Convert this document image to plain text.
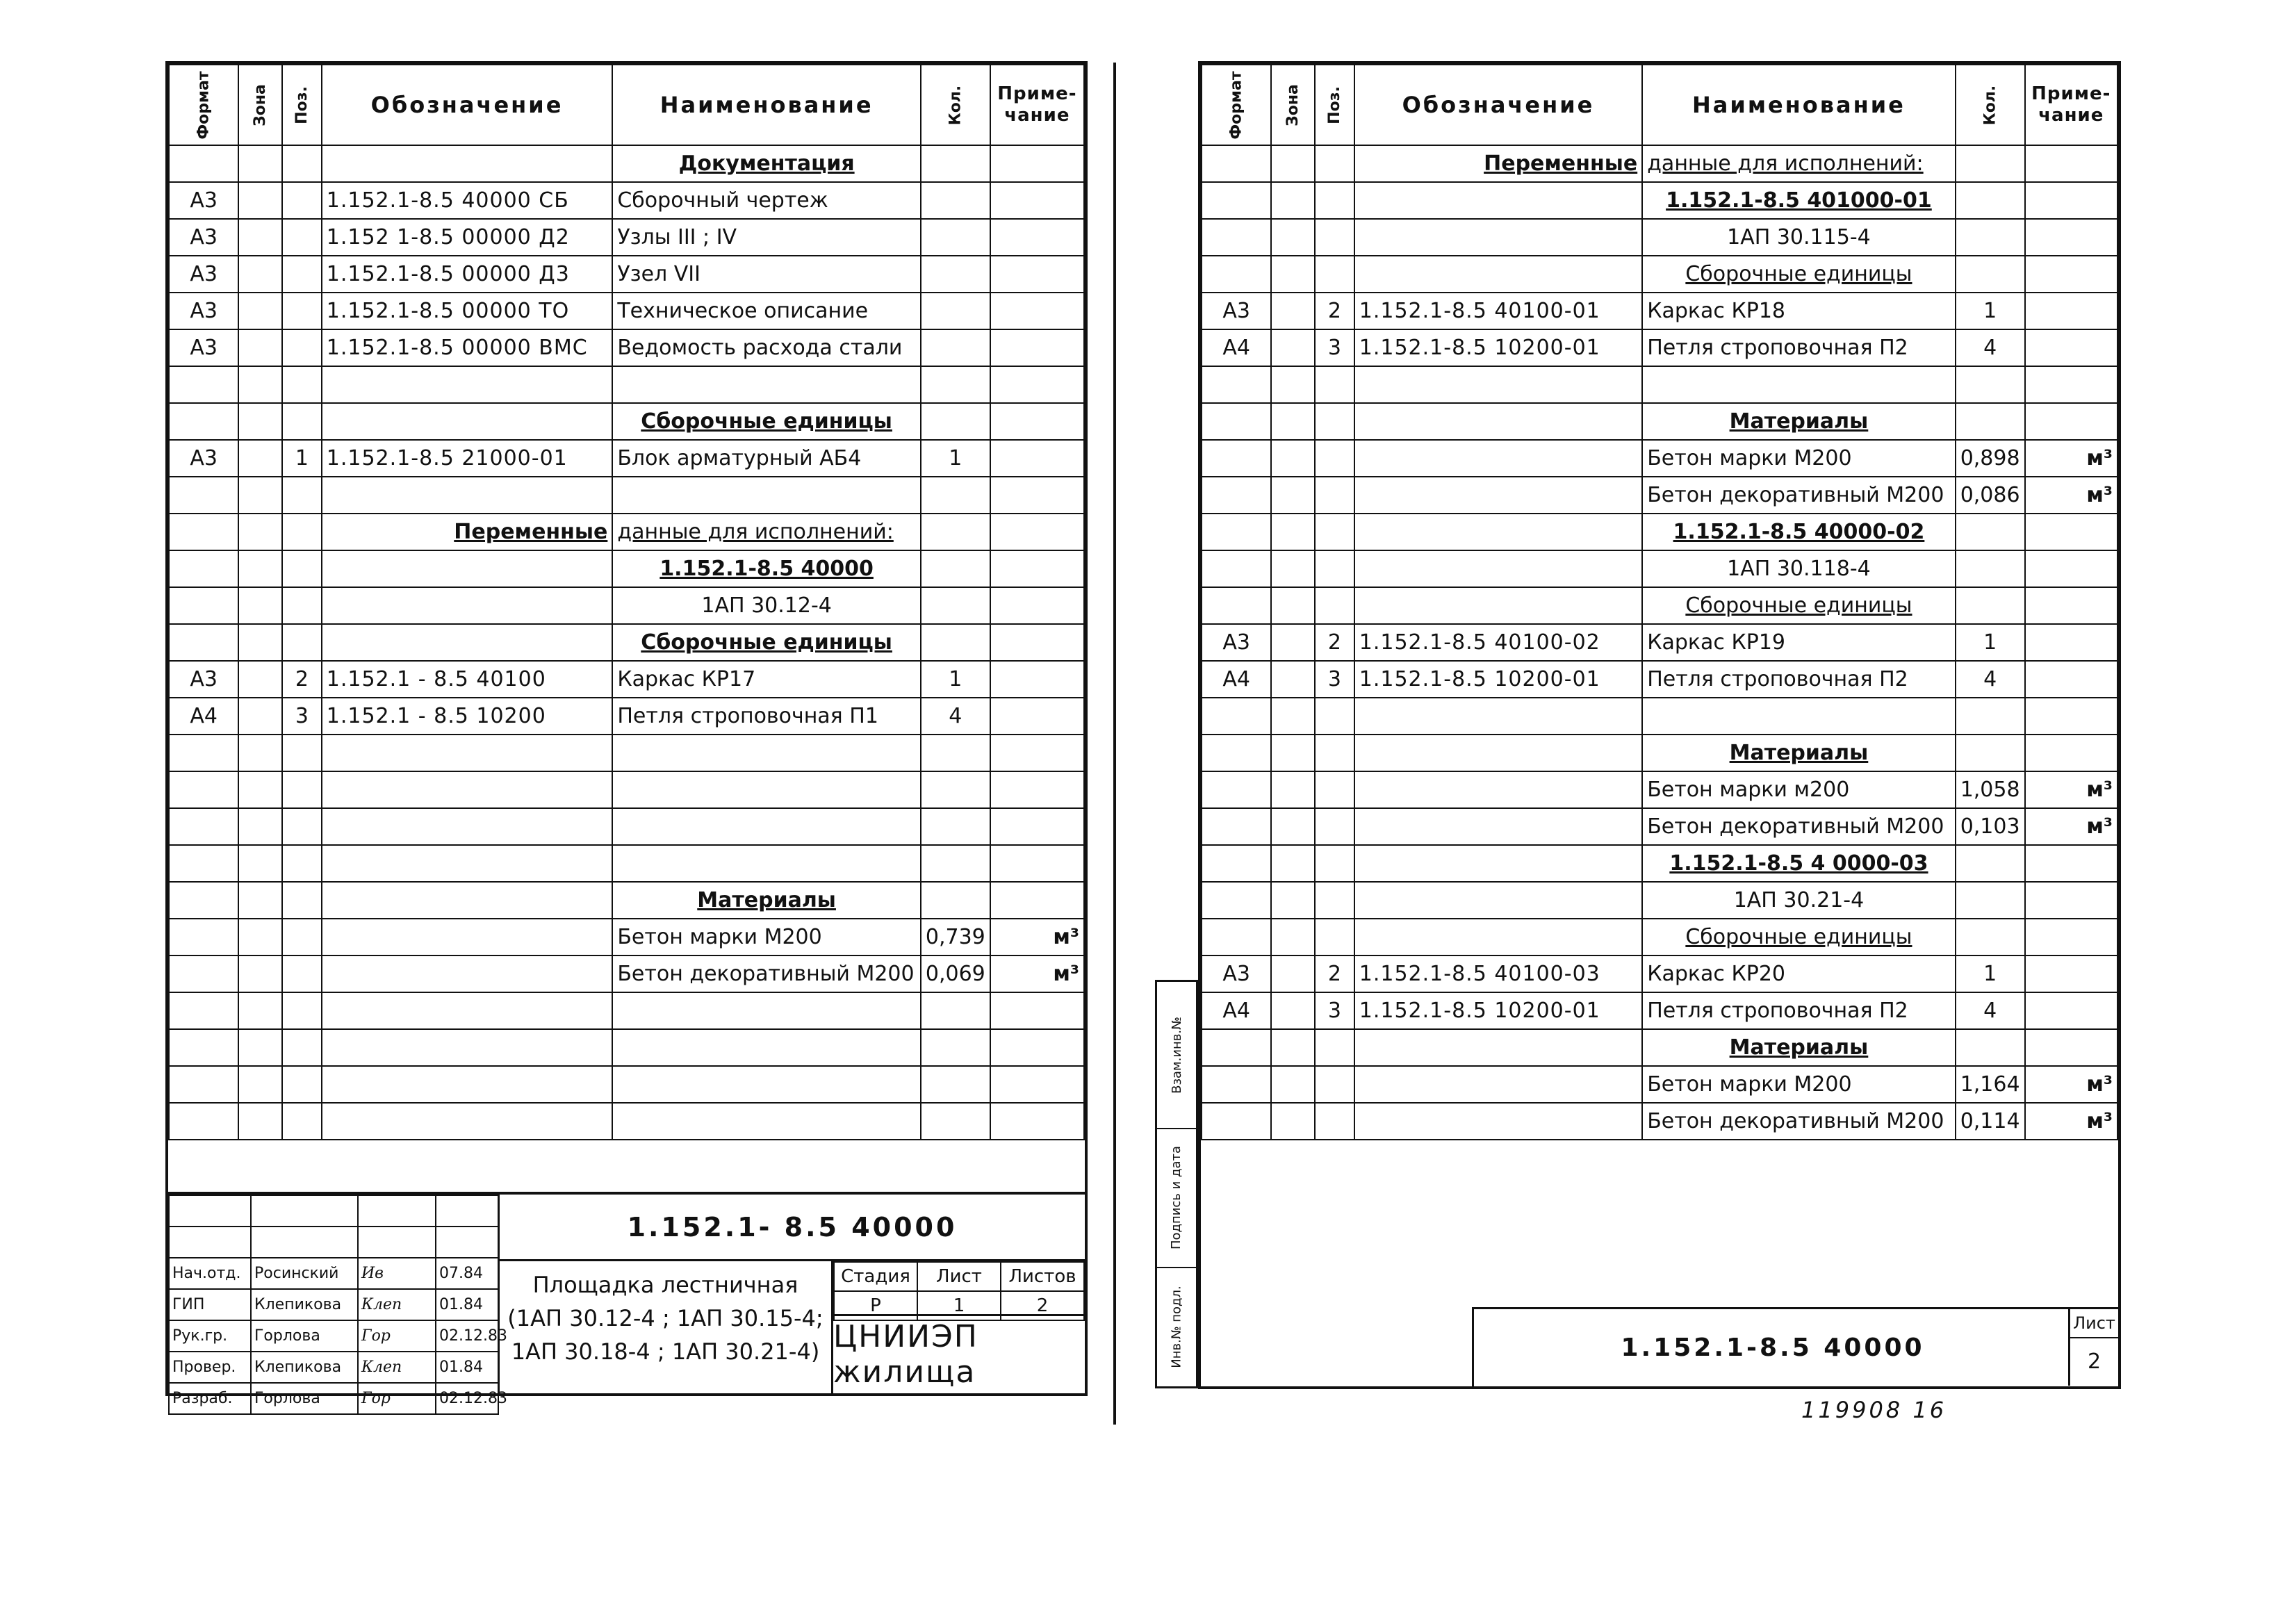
Формат	Зона	Поз.	Обозначение	Наименование	Кол.	Приме-чание
				Документация		
А3			1.152.1-8.5 40000 СБ	Сборочный чертеж		
А3			1.152 1-8.5 00000 Д2	Узлы III ; IV		
А3			1.152.1-8.5 00000 Д3	Узел VII		
А3			1.152.1-8.5 00000 ТО	Техническое описание		
А3			1.152.1-8.5 00000 ВМС	Ведомость расхода стали		

				Сборочные единицы		
А3		1	1.152.1-8.5 21000-01	Блок арматурный АБ4	1	

			Переменные	данные для исполнений:		
				1.152.1-8.5 40000		
				1АП 30.12-4		
				Сборочные единицы		
А3		2	1.152.1 - 8.5 40100	Каркас КР17	1	
А4		3	1.152.1 - 8.5 10200	Петля строповочная П1	4	

				Материалы		
				Бетон марки М200	0,739	м³
				Бетон декоративный М200	0,069	м³

Нач.отд.	Росинский	Ив	07.84
ГИП	Клепикова	Клеп	01.84
Рук.гр.	Горлова	Гор	02.12.83
Провер.	Клепикова	Клеп	01.84
Разраб.	Горлова	Гор	02.12.83
1.152.1- 8.5 40000
Площадка лестничная
(1АП 30.12-4 ; 1АП 30.15-4;
1АП 30.18-4 ; 1АП 30.21-4)
Стадия	Лист	Листов
Р	1	2
ЦНИИЭП жилища
Взам.инв.№
Подпись и дата
Инв.№ подл.
Формат	Зона	Поз.	Обозначение	Наименование	Кол.	Приме-чание
			Переменные	данные для исполнений:		
				1.152.1-8.5 401000-01		
				1АП 30.115-4		
				Сборочные единицы		
А3		2	1.152.1-8.5 40100-01	Каркас КР18	1	
А4		3	1.152.1-8.5 10200-01	Петля строповочная П2	4	

				Материалы		
				Бетон марки М200	0,898	м³
				Бетон декоративный М200	0,086	м³
				1.152.1-8.5 40000-02		
				1АП 30.118-4		
				Сборочные единицы		
А3		2	1.152.1-8.5 40100-02	Каркас КР19	1	
А4		3	1.152.1-8.5 10200-01	Петля строповочная П2	4	

				Материалы		
				Бетон марки м200	1,058	м³
				Бетон декоративный М200	0,103	м³
				1.152.1-8.5 4 0000-03		
				1АП 30.21-4		
				Сборочные единицы		
А3		2	1.152.1-8.5 40100-03	Каркас КР20	1	
А4		3	1.152.1-8.5 10200-01	Петля строповочная П2	4	
				Материалы		
				Бетон марки М200	1,164	м³
				Бетон декоративный М200	0,114	м³
1.152.1-8.5 40000
Лист
2
119908 16
